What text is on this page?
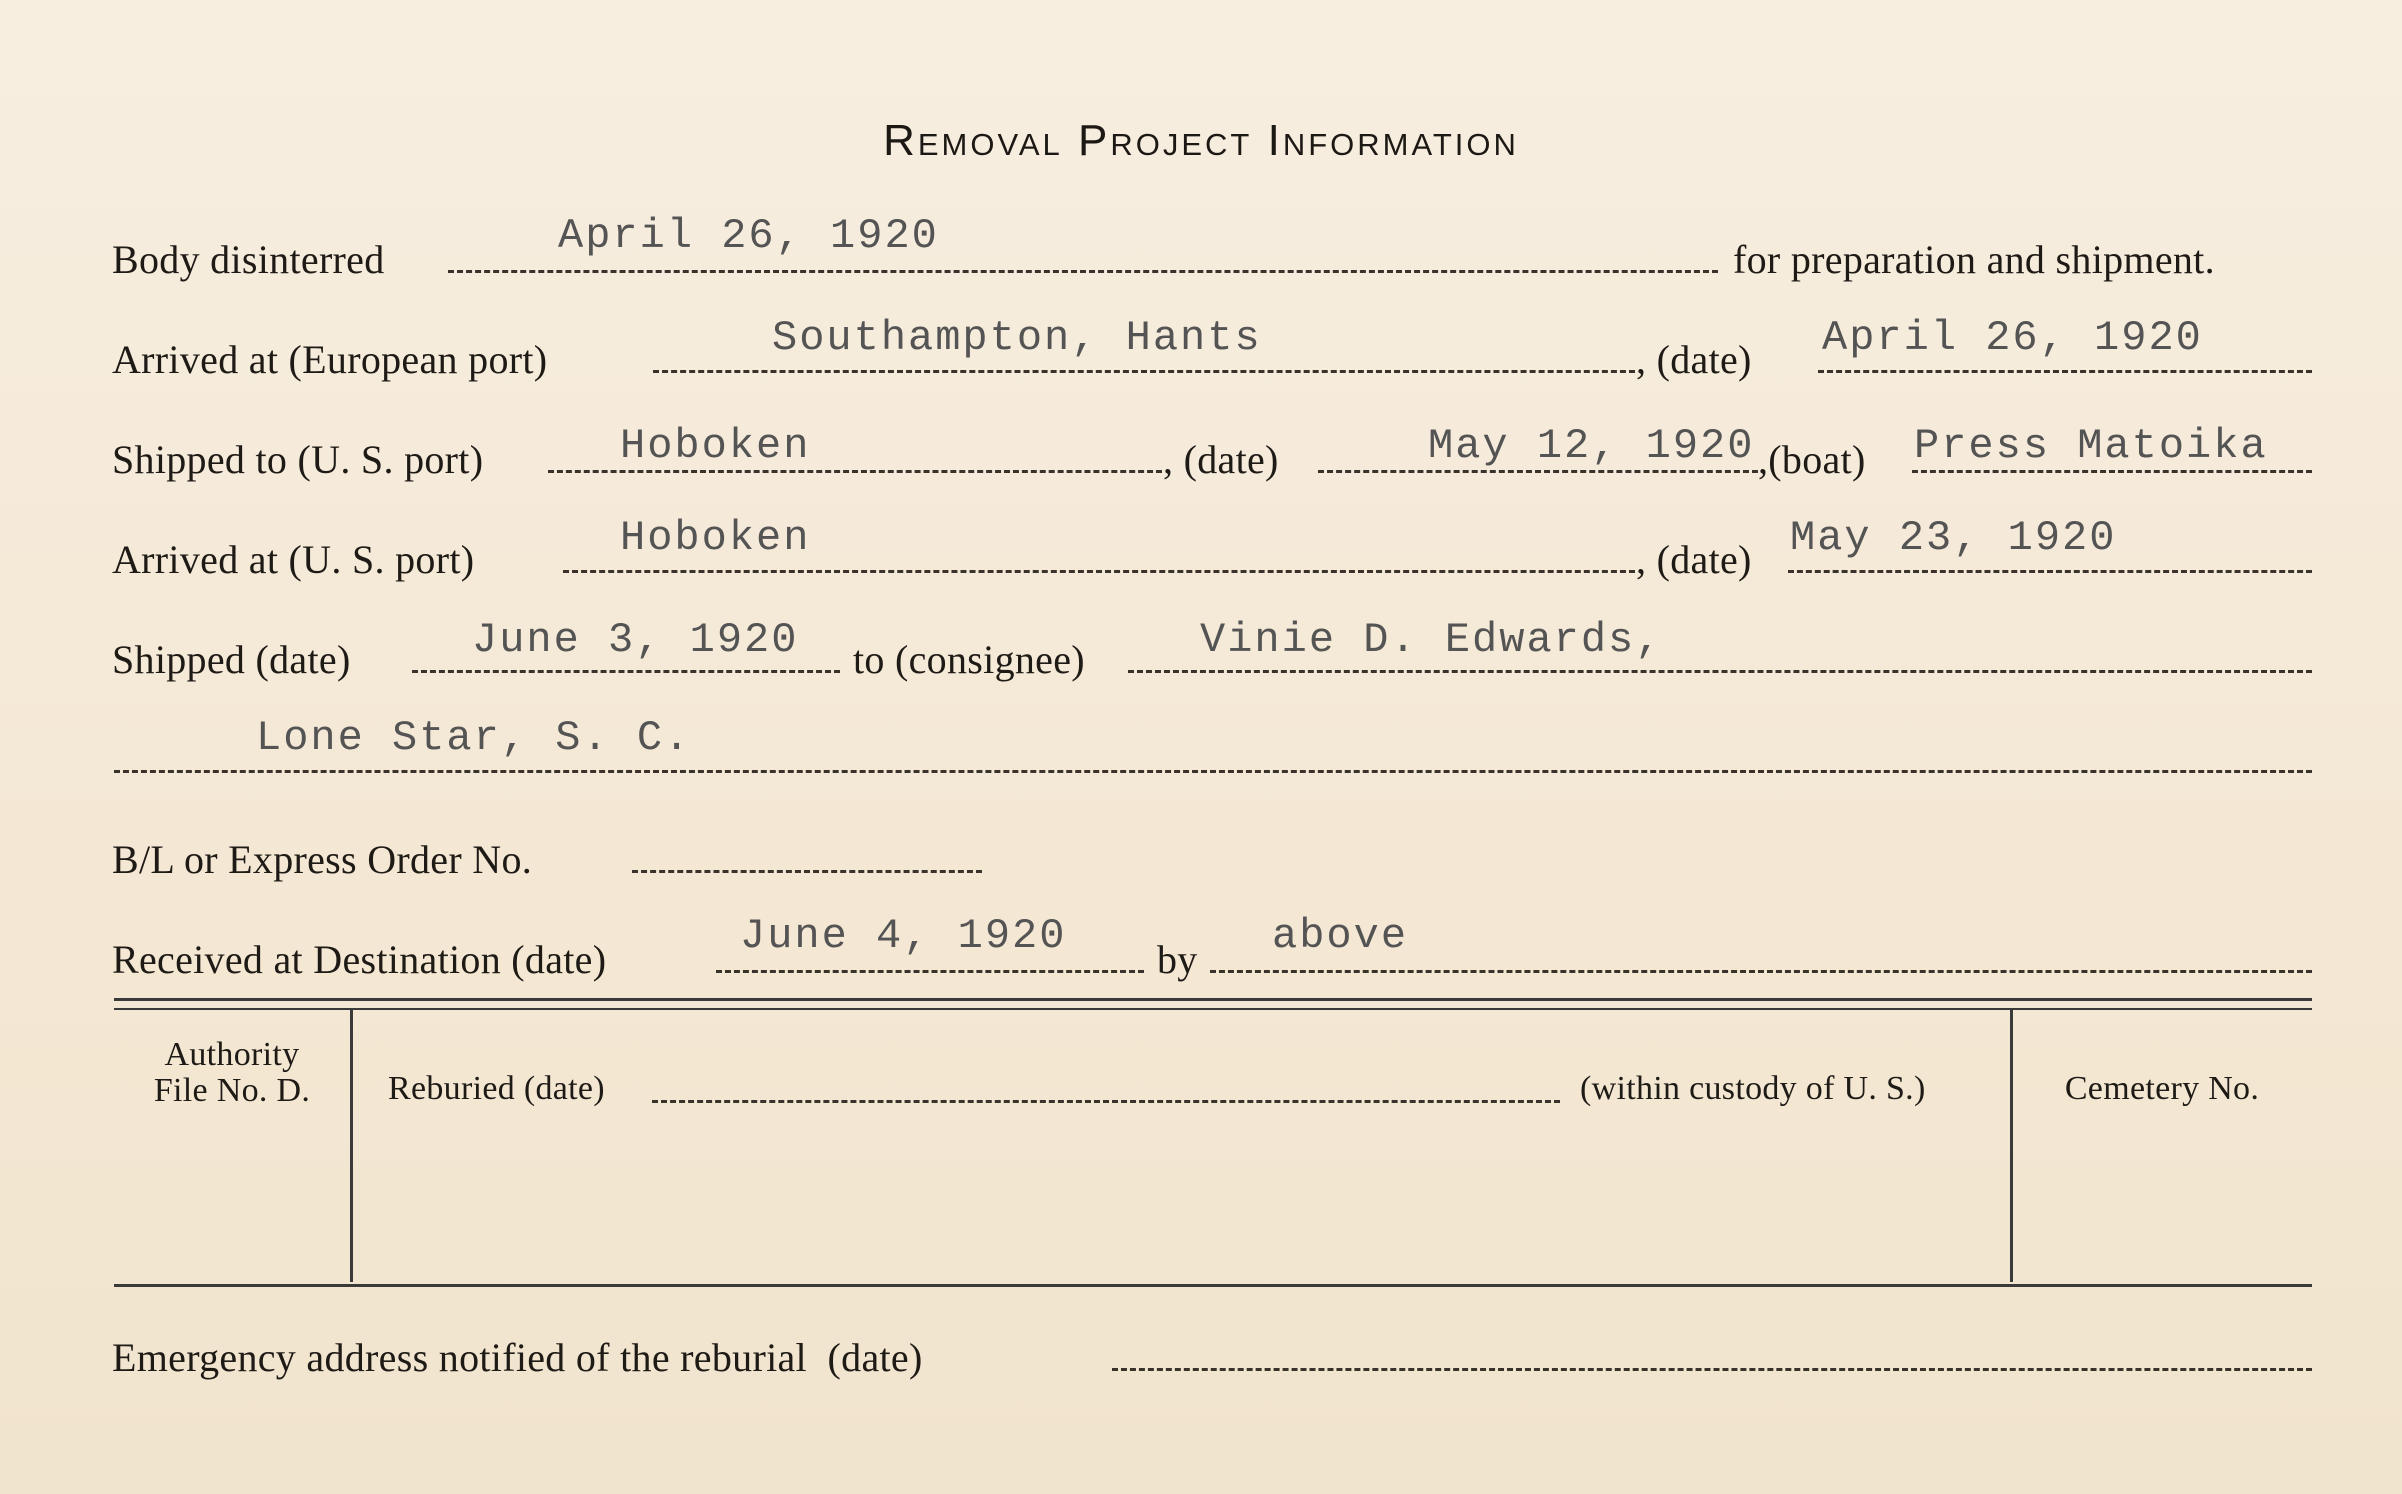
Removal Project Information
Body disinterred	April 26, 1920	for preparation and shipment.
Arrived at (European port)	Southampton, Hants	, (date) April 26, 1920
Shipped to (U. S. port)	Hoboken	, (date)	May 12, 1920 ,(boat) Press Matoika
Arrived at (U. S. port)	Hoboken	, (date) May 23, 1920
Shipped (date)	June 3, 1920 to (consignee)	Vinie D. Edwards,
Lone Star, S. C.
B/L or Express Order No.
Received at Destination (date)	June 4, 1920 by above
Authority
File No. D.	Reburied (date)	(within custody of U. S.)	Cemetery No.
Emergency address notified of the reburial  (date)
